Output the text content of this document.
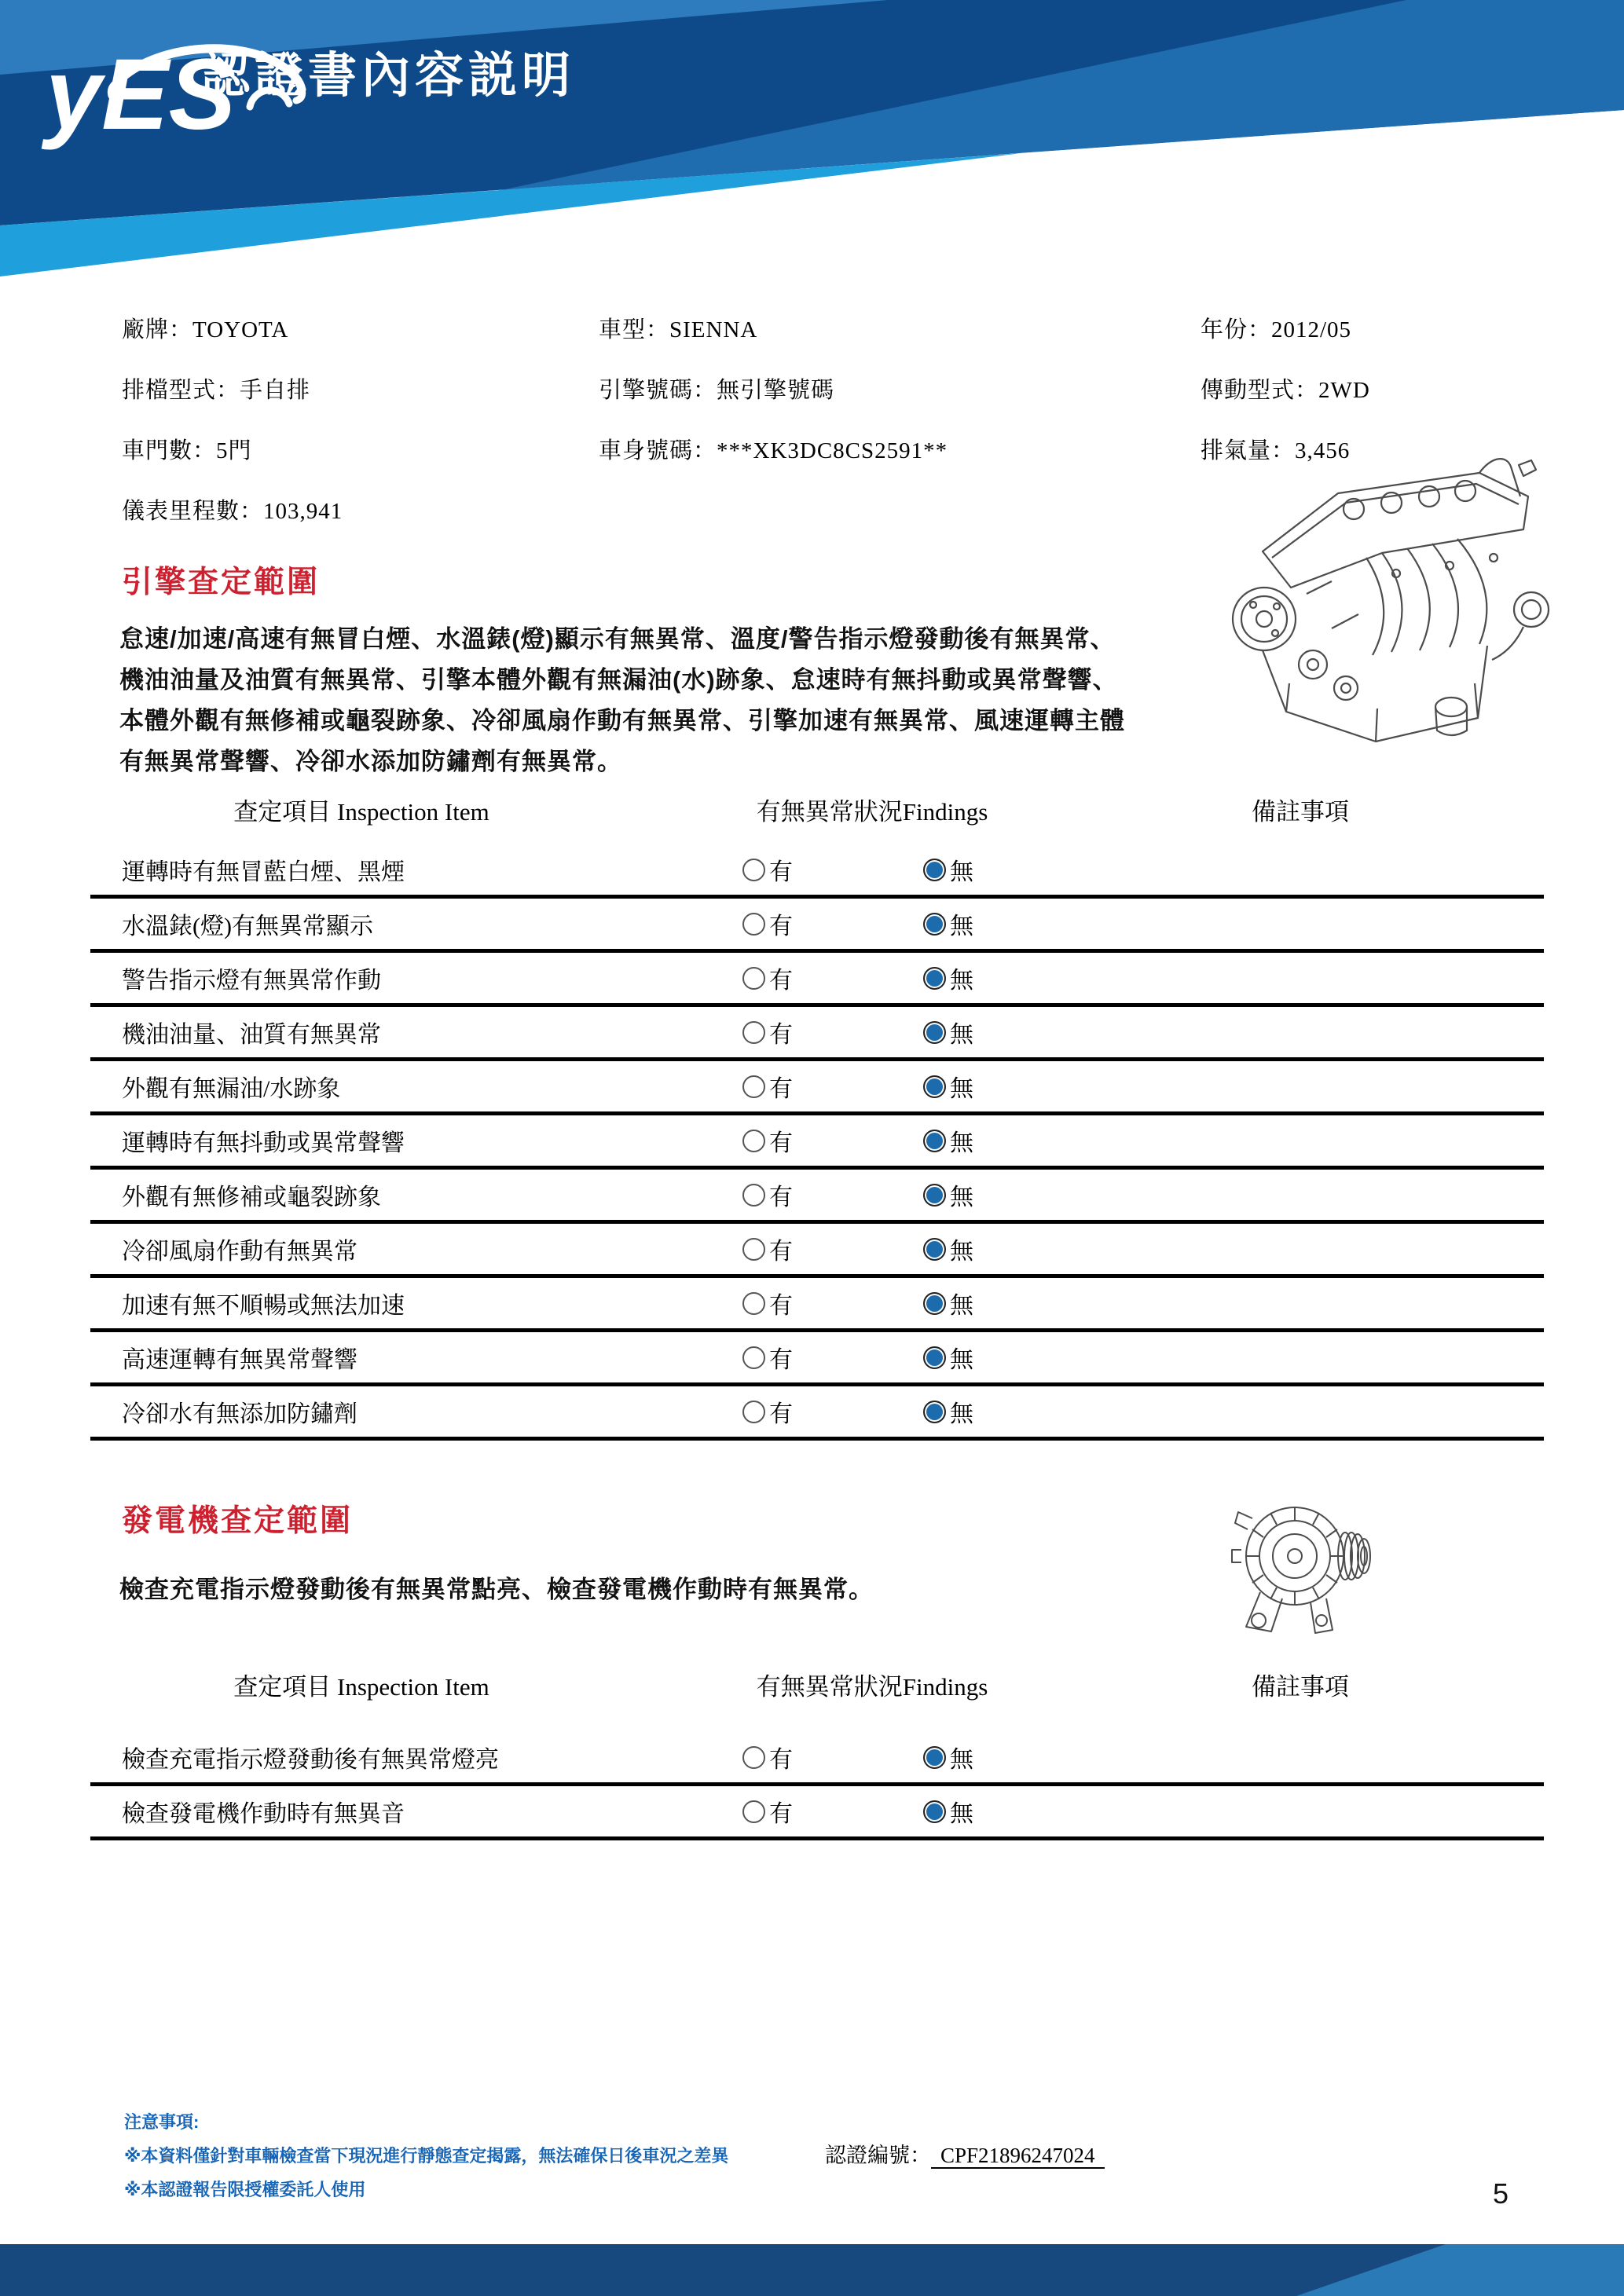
yES
認證書內容説明
廠牌：TOYOTA
排檔型式：手自排
車門數：5門
儀表里程數：103,941
車型：SIENNA
引擎號碼：無引擎號碼
車身號碼：***XK3DC8CS2591**
年份：2012/05
傳動型式：2WD
排氣量：3,456
引擎查定範圍
怠速/加速/高速有無冒白煙、水溫錶(燈)顯示有無異常、溫度/警告指示燈發動後有無異常、
機油油量及油質有無異常、引擎本體外觀有無漏油(水)跡象、怠速時有無抖動或異常聲響、
本體外觀有無修補或龜裂跡象、冷卻風扇作動有無異常、引擎加速有無異常、風速運轉主體
有無異常聲響、冷卻水添加防鏽劑有無異常。
查定項目 Inspection Item	有無異常狀況Findings	備註事項
運轉時有無冒藍白煙、黑煙	有	無
水溫錶(燈)有無異常顯示	有	無
警告指示燈有無異常作動	有	無
機油油量、油質有無異常	有	無
外觀有無漏油/水跡象	有	無
運轉時有無抖動或異常聲響	有	無
外觀有無修補或龜裂跡象	有	無
冷卻風扇作動有無異常	有	無
加速有無不順暢或無法加速	有	無
高速運轉有無異常聲響	有	無
冷卻水有無添加防鏽劑	有	無
發電機查定範圍
檢查充電指示燈發動後有無異常點亮、檢查發電機作動時有無異常。
查定項目 Inspection Item	有無異常狀況Findings	備註事項
檢查充電指示燈發動後有無異常燈亮	有	無
檢查發電機作動時有無異音	有	無
注意事項:
※本資料僅針對車輛檢查當下現況進行靜態查定揭露，無法確保日後車況之差異
※本認證報告限授權委託人使用
認證編號： CPF21896247024
5
